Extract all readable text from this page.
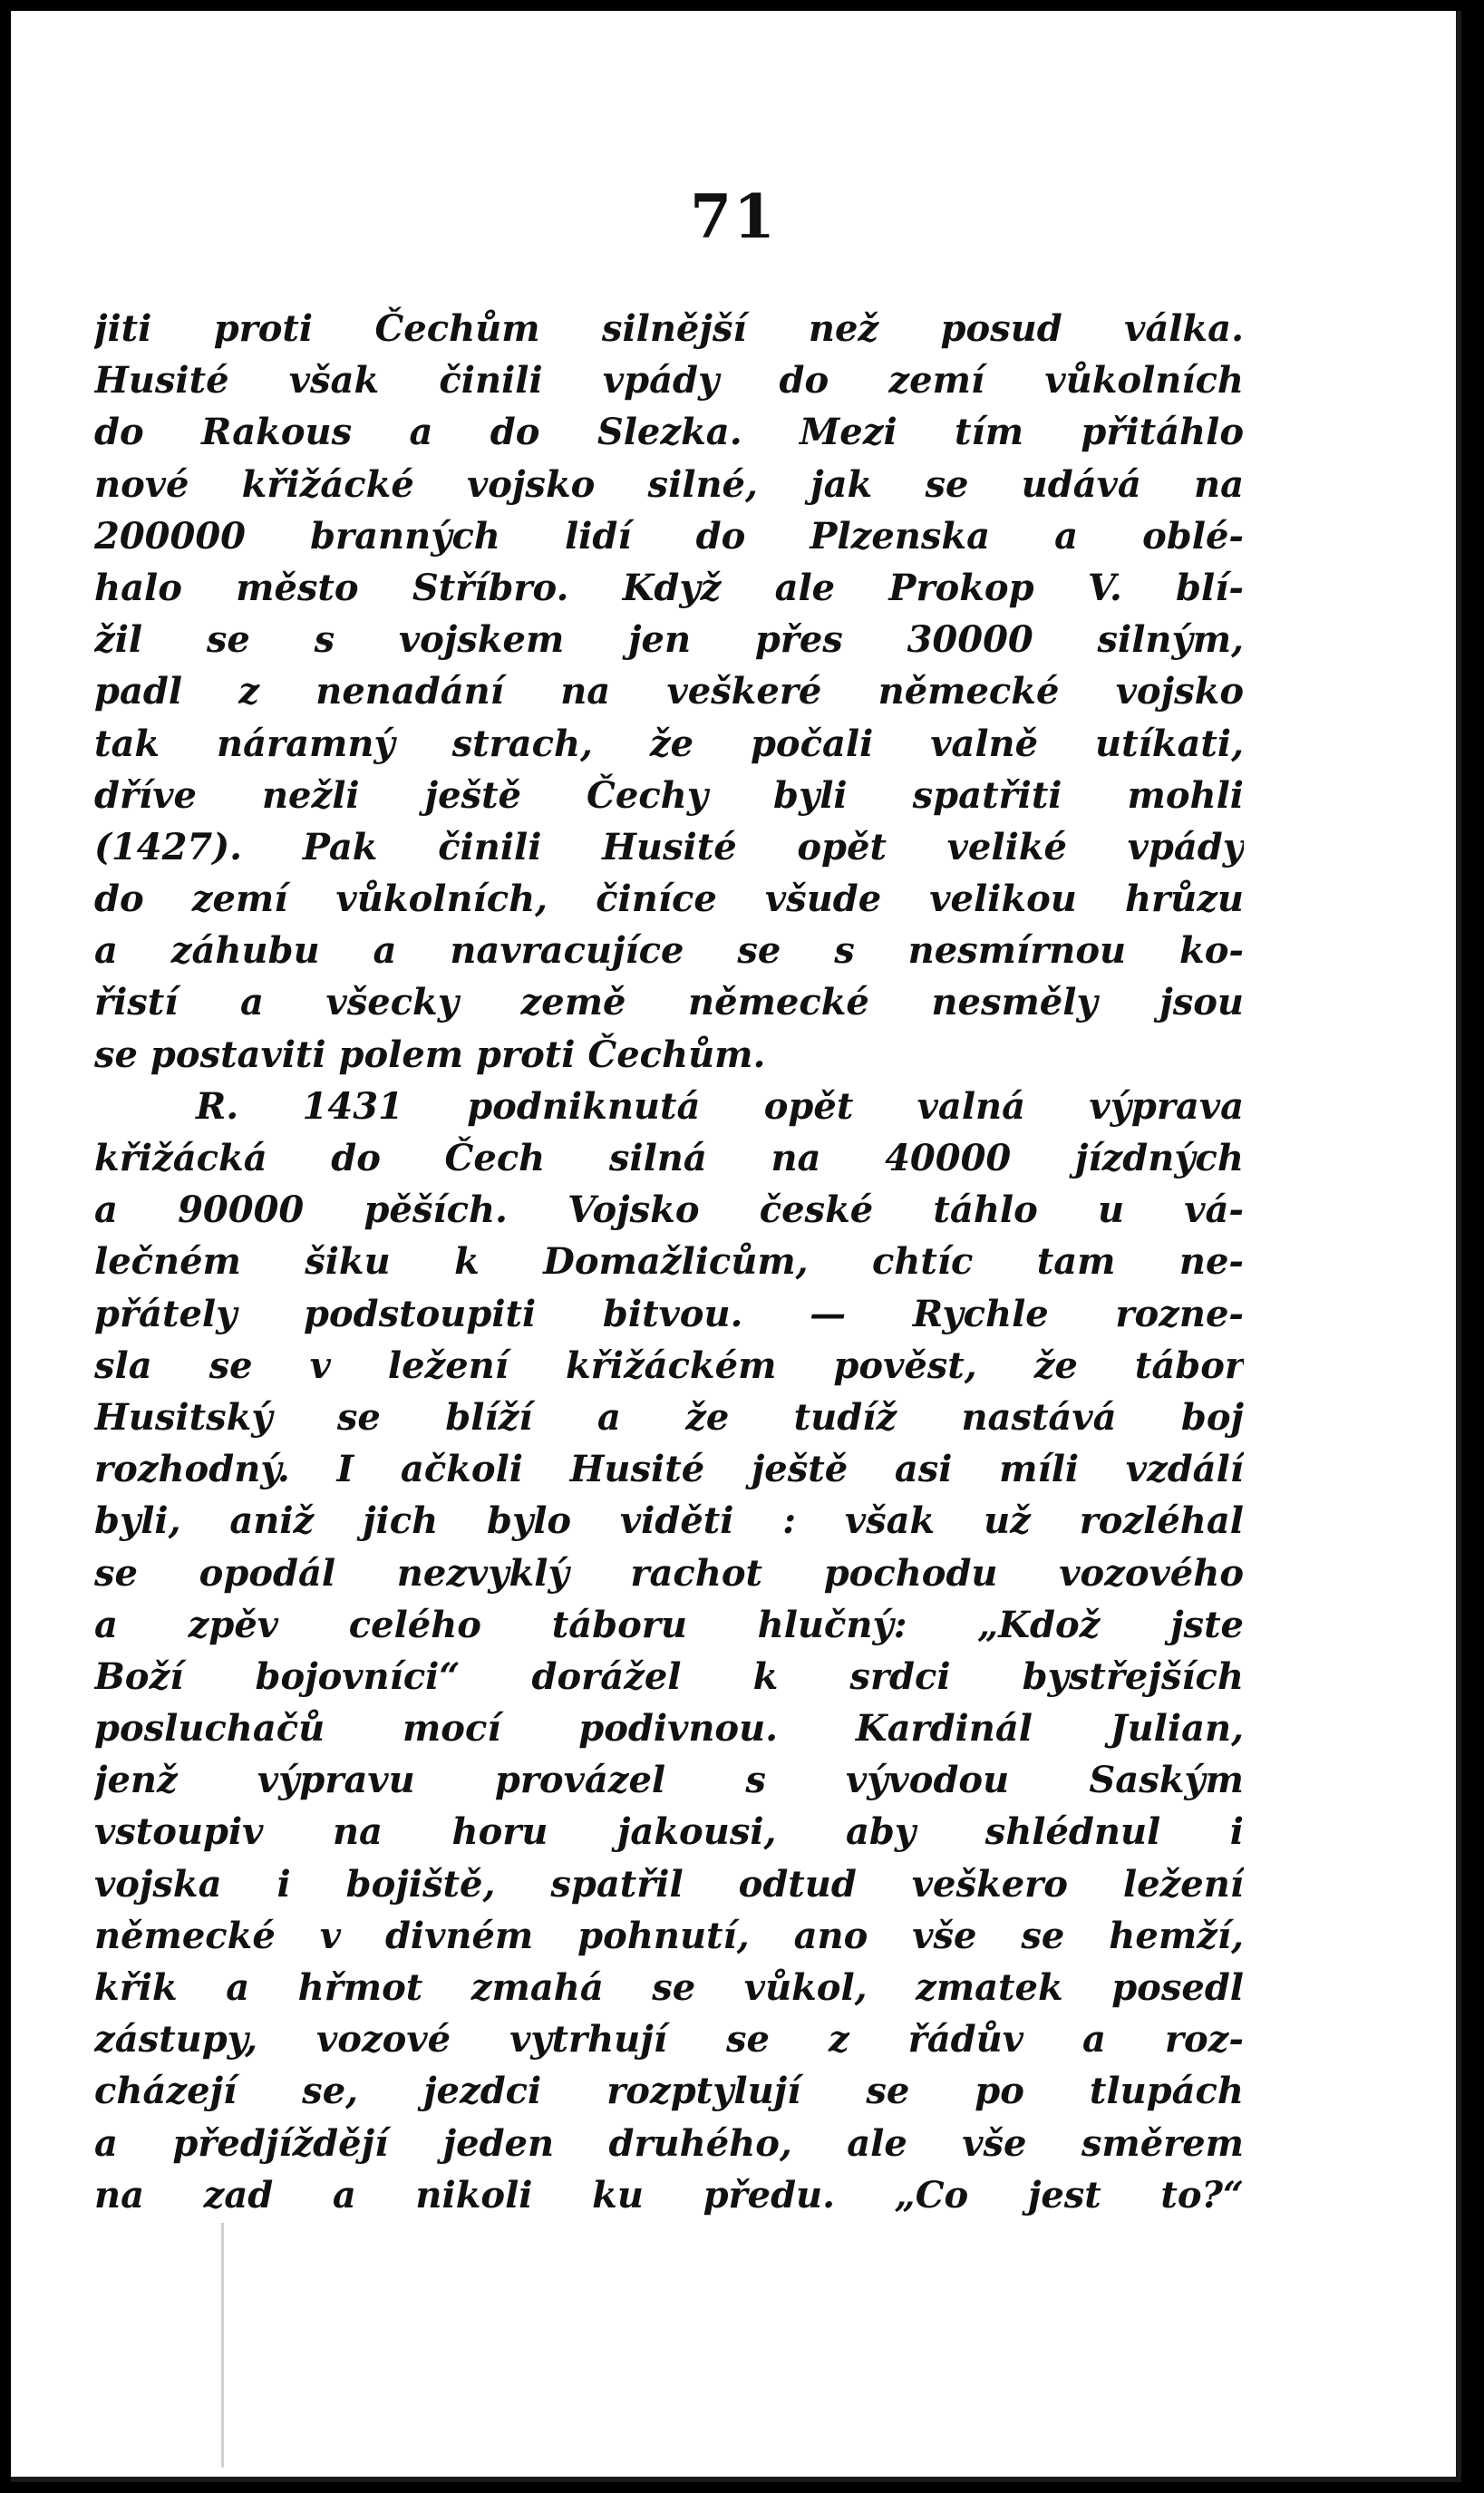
71
jiti proti Čechům silnější než posud válka.
Husité však činili vpády do zemí vůkolních
do Rakous a do Slezka. Mezi tím přitáhlo
nové křižácké vojsko silné, jak se udává na
200000 branných lidí do Plzenska a oblé-
halo město Stříbro. Když ale Prokop V. blí-
žil se s vojskem jen přes 30000 silným,
padl z nenadání na veškeré německé vojsko
tak náramný strach, že počali valně utíkati,
dříve nežli ještě Čechy byli spatřiti mohli
(1427). Pak činili Husité opět veliké vpády
do zemí vůkolních, činíce všude velikou hrůzu
a záhubu a navracujíce se s nesmírnou ko-
řistí a všecky země německé nesměly jsou
se postaviti polem proti Čechům.
R. 1431 podniknutá opět valná výprava
křižácká do Čech silná na 40000 jízdných
a 90000 pěších. Vojsko české táhlo u vá-
lečném šiku k Domažlicům, chtíc tam ne-
přátely podstoupiti bitvou. — Rychle rozne-
sla se v ležení křižáckém pověst, že tábor
Husitský se blíží a že tudíž nastává boj
rozhodný. I ačkoli Husité ještě asi míli vzdálí
byli, aniž jich bylo viděti : však už rozléhal
se opodál nezvyklý rachot pochodu vozového
a zpěv celého táboru hlučný: „Kdož jste
Boží bojovníci“ dorážel k srdci bystřejších
posluchačů mocí podivnou. Kardinál Julian,
jenž výpravu provázel s vývodou Saským
vstoupiv na horu jakousi, aby shlédnul i
vojska i bojiště, spatřil odtud veškero ležení
německé v divném pohnutí, ano vše se hemží,
křik a hřmot zmahá se vůkol, zmatek posedl
zástupy, vozové vytrhují se z řádův a roz-
cházejí se, jezdci rozptylují se po tlupách
a předjíždějí jeden druhého, ale vše směrem
na zad a nikoli ku předu. „Co jest to?“
